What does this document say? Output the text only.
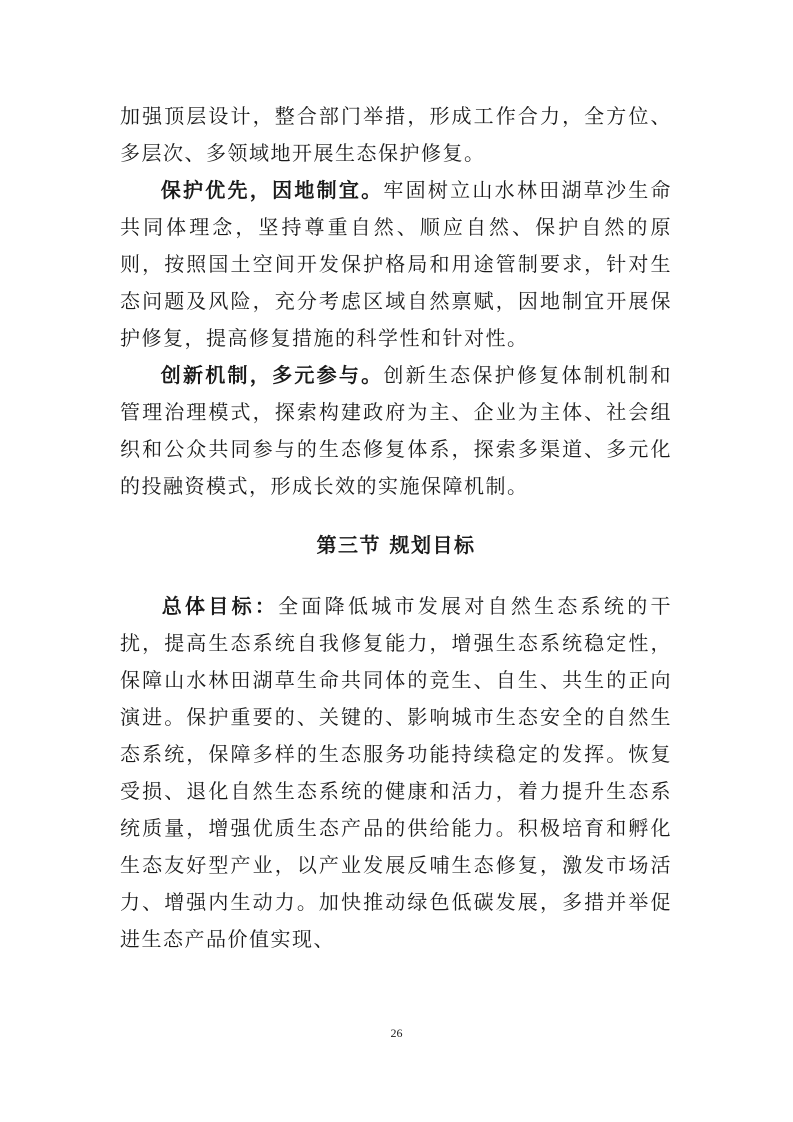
加强顶层设计，整合部门举措，形成工作合力，全方位、多层次、多领域地开展生态保护修复。

保护优先，因地制宜。牢固树立山水林田湖草沙生命共同体理念，坚持尊重自然、顺应自然、保护自然的原则，按照国土空间开发保护格局和用途管制要求，针对生态问题及风险，充分考虑区域自然禀赋，因地制宜开展保护修复，提高修复措施的科学性和针对性。

创新机制，多元参与。创新生态保护修复体制机制和管理治理模式，探索构建政府为主、企业为主体、社会组织和公众共同参与的生态修复体系，探索多渠道、多元化的投融资模式，形成长效的实施保障机制。

第三节 规划目标

总体目标：全面降低城市发展对自然生态系统的干扰，提高生态系统自我修复能力，增强生态系统稳定性，保障山水林田湖草生命共同体的竞生、自生、共生的正向演进。保护重要的、关键的、影响城市生态安全的自然生态系统，保障多样的生态服务功能持续稳定的发挥。恢复受损、退化自然生态系统的健康和活力，着力提升生态系统质量，增强优质生态产品的供给能力。积极培育和孵化生态友好型产业，以产业发展反哺生态修复，激发市场活力、增强内生动力。加快推动绿色低碳发展，多措并举促进生态产品价值实现、

26
